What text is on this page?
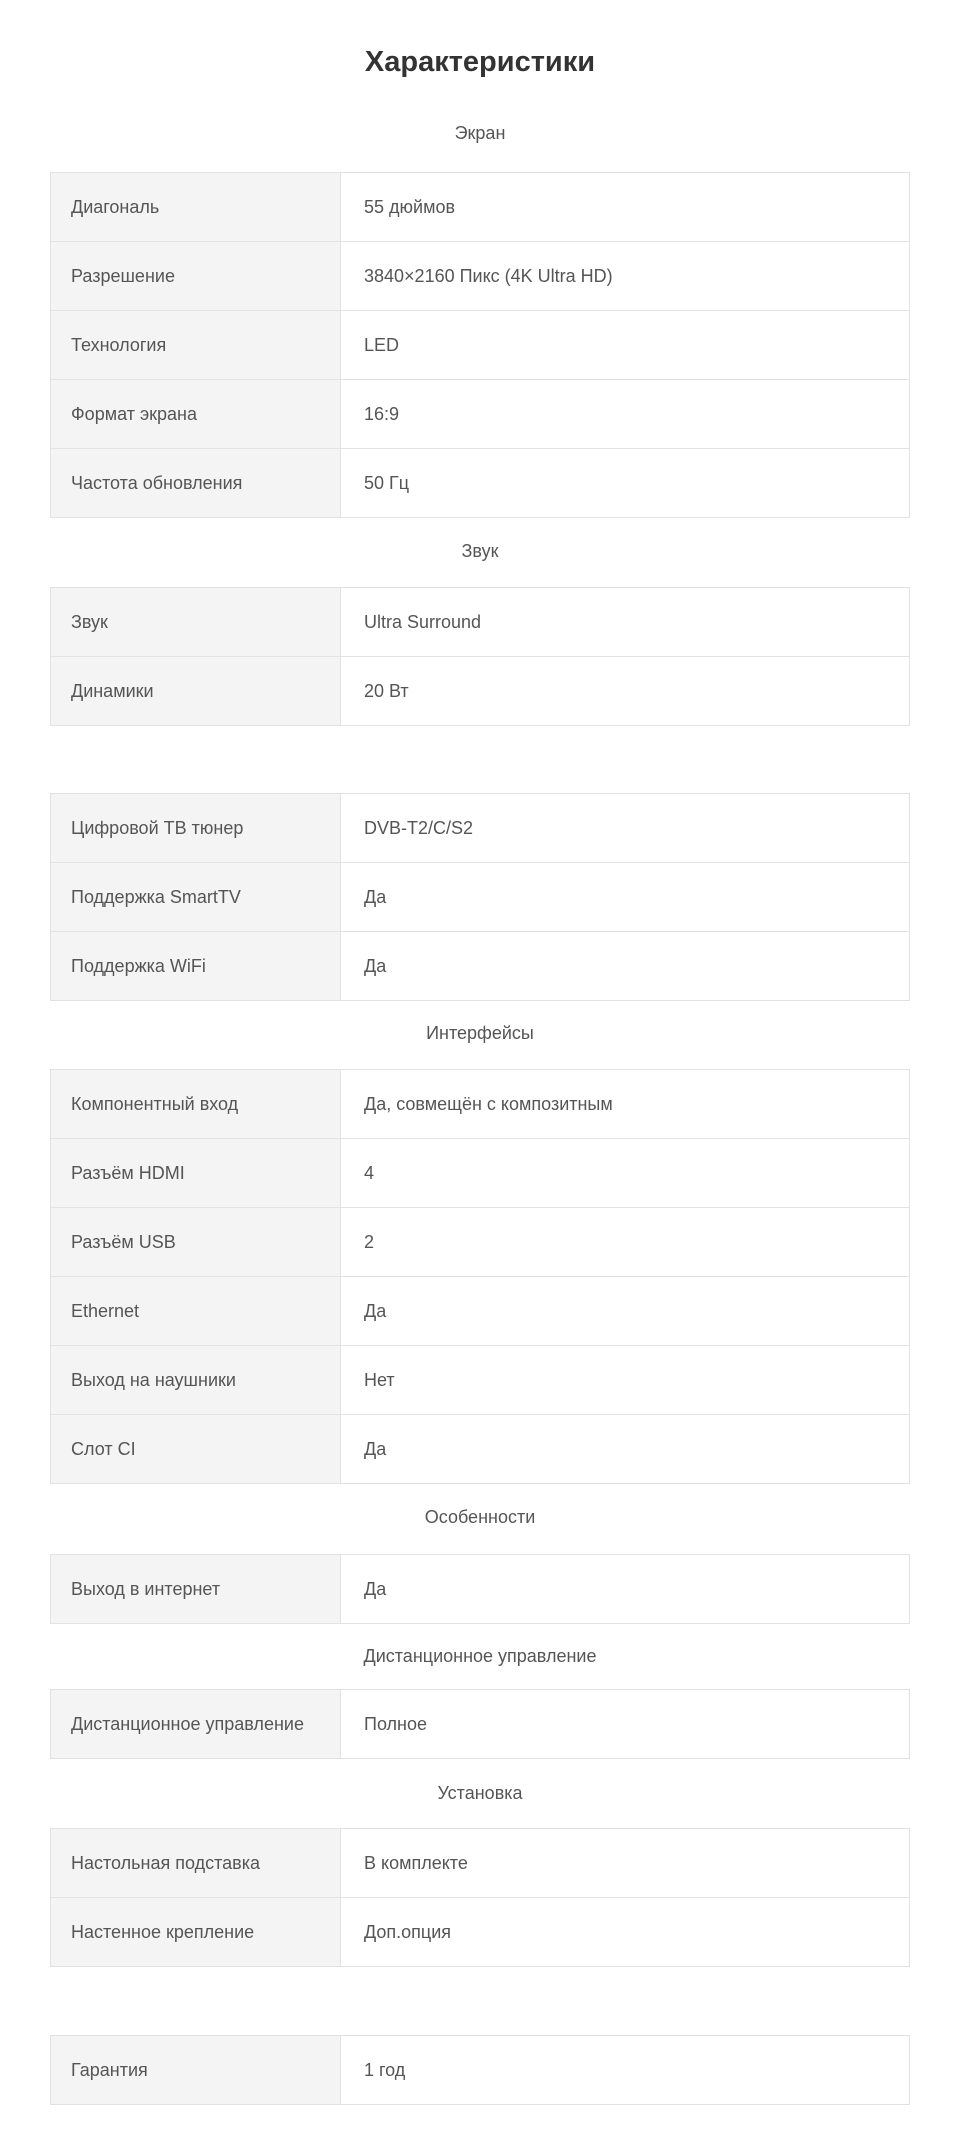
Характеристики
Экран
Диагональ	55 дюймов
Разрешение	3840×2160 Пикс (4K Ultra HD)
Технология	LED
Формат экрана	16:9
Частота обновления	50 Гц
Звук
Звук	Ultra Surround
Динамики	20 Вт
Цифровой ТВ тюнер	DVB-T2/C/S2
Поддержка SmartTV	Да
Поддержка WiFi	Да
Интерфейсы
Компонентный вход	Да, совмещён с композитным
Разъём HDMI	4
Разъём USB	2
Ethernet	Да
Выход на наушники	Нет
Слот CI	Да
Особенности
Выход в интернет	Да
Дистанционное управление
Дистанционное управление	Полное
Установка
Настольная подставка	В комплекте
Настенное крепление	Доп.опция
Гарантия	1 год
